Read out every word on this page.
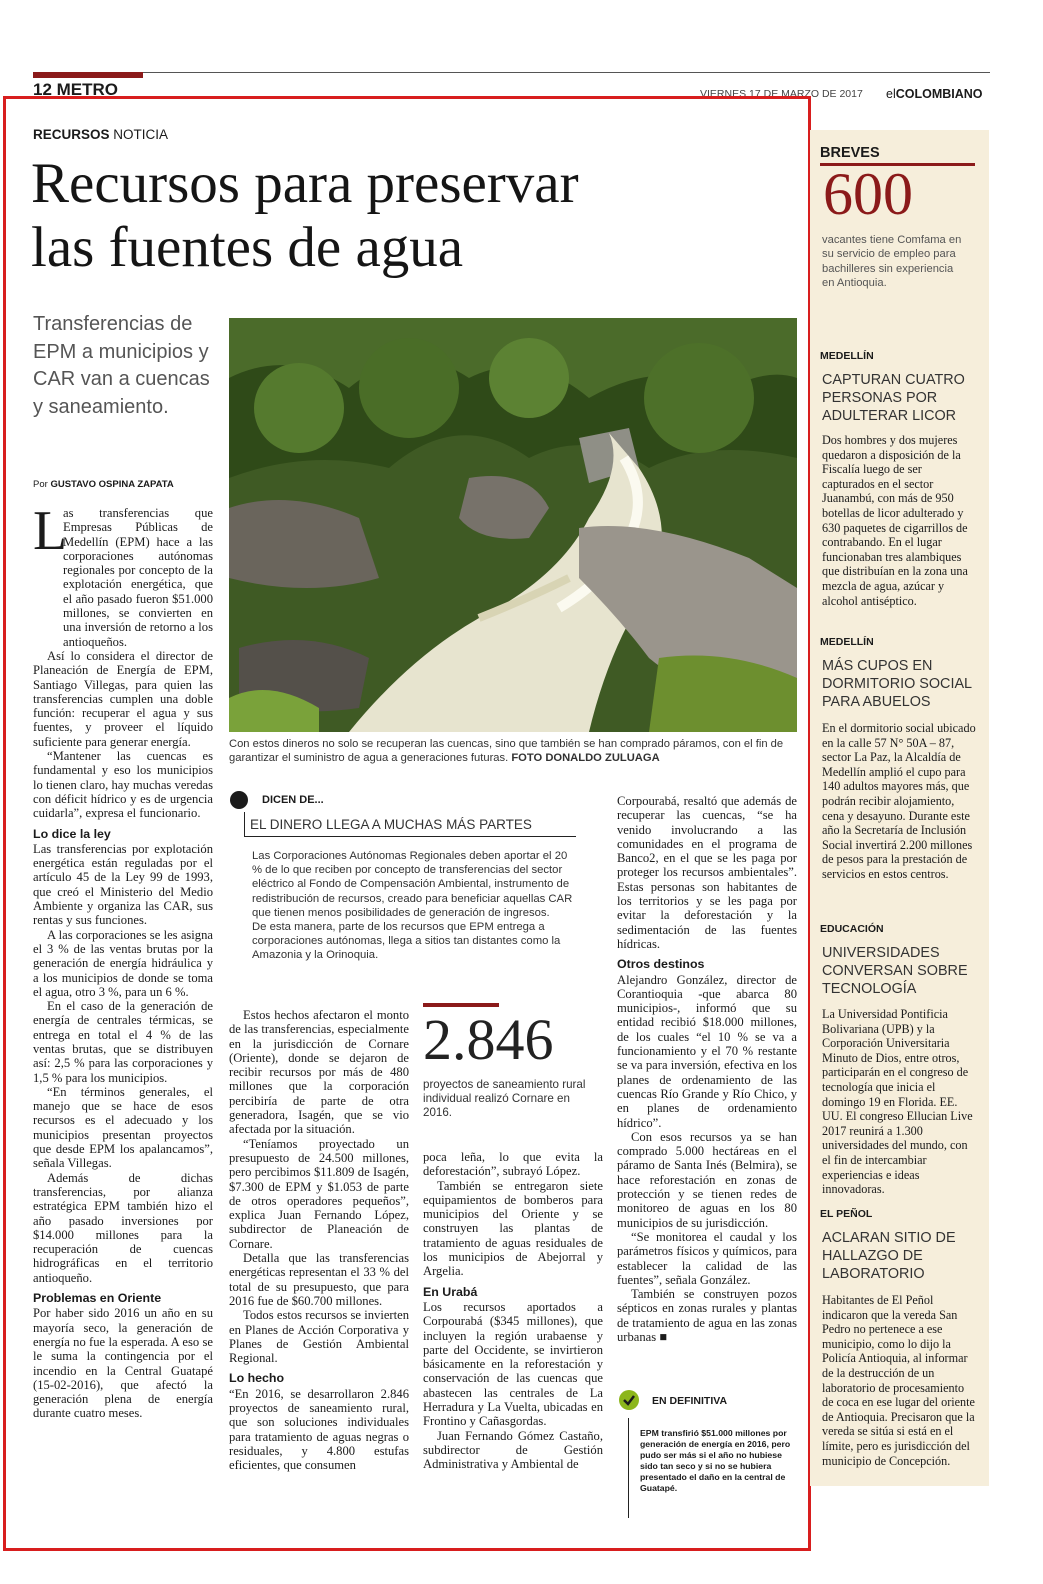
12 METRO	VIERNES 17 DE MARZO DE 2017 elCOLOMBIANO
RECURSOS NOTICIA
Recursos para preservar
las fuentes de agua
Transferencias de EPM a municipios y CAR van a cuencas y saneamiento.
Por GUSTAVO OSPINA ZAPATA
Con estos dineros no solo se recuperan las cuencas, sino que también se han comprado páramos, con el fin de garantizar el suministro de agua a generaciones futuras. FOTO DONALDO ZULUAGA
L

as transferencias que Empresas Públicas de Medellín (EPM) hace a las corporaciones autónomas regionales por concepto de la explotación energética, que el año pasado fueron $51.000 millones, se convierten en una inversión de retorno a los antioqueños.

Así lo considera el director de Planeación de Energía de EPM, Santiago Villegas, para quien las transferencias cumplen una doble función: recuperar el agua y sus fuentes, y proveer el líquido suficiente para generar energía.

“Mantener las cuencas es fundamental y eso los municipios lo tienen claro, hay muchas veredas con déficit hídrico y es de urgencia cuidarla”, expresa el funcionario.

Lo dice la ley

Las transferencias por explotación energética están reguladas por el artículo 45 de la Ley 99 de 1993, que creó el Ministerio del Medio Ambiente y organiza las CAR, sus rentas y sus funciones.

A las corporaciones se les asigna el 3 % de las ventas brutas por la generación de energía hidráulica y a los municipios de donde se toma el agua, otro 3 %, para un 6 %.

En el caso de la generación de energía de centrales térmicas, se entrega en total el 4 % de las ventas brutas, que se distribuyen así: 2,5 % para las corporaciones y 1,5 % para los municipios.

“En términos generales, el manejo que se hace de esos recursos es el adecuado y los municipios presentan proyectos que desde EPM los apalancamos”, señala Villegas.

Además de dichas transferencias, por alianza estratégica EPM también hizo el año pasado inversiones por $14.000 millones para la recuperación de cuencas hidrográficas en el territorio antioqueño.

Problemas en Oriente

Por haber sido 2016 un año en su mayoría seco, la generación de energía no fue la esperada. A eso se le suma la contingencia por el incendio en la Central Guatapé (15-02-2016), que afectó la generación plena de energía durante cuatro meses.

DICEN DE...
EL DINERO LLEGA A MUCHAS MÁS PARTES

Las Corporaciones Autónomas Regionales deben aportar el 20 % de lo que reciben por concepto de transferencias del sector eléctrico al Fondo de Compensación Ambiental, instrumento de redistribución de recursos, creado para beneficiar aquellas CAR que tienen menos posibilidades de generación de ingresos.

De esta manera, parte de los recursos que EPM entrega a corporaciones autónomas, llega a sitios tan distantes como la Amazonia y la Orinoquia.

Estos hechos afectaron el monto de las transferencias, especialmente en la jurisdicción de Cornare (Oriente), donde se dejaron de recibir recursos por más de 480 millones que la corporación percibiría de parte de otra generadora, Isagén, que se vio afectada por la situación.

“Teníamos proyectado un presupuesto de 24.500 millones, pero percibimos $11.809 de Isagén, $7.300 de EPM y $1.053 de parte de otros operadores pequeños”, explica Juan Fernando López, subdirector de Planeación de Cornare.

Detalla que las transferencias energéticas representan el 33 % del total de su presupuesto, que para 2016 fue de $60.700 millones.

Todos estos recursos se invierten en Planes de Acción Corporativa y Planes de Gestión Ambiental Regional.

Lo hecho

“En 2016, se desarrollaron 2.846 proyectos de saneamiento rural, que son soluciones individuales para tratamiento de aguas negras o residuales, y 4.800 estufas eficientes, que consumen

2.846
proyectos de saneamiento rural individual realizó Cornare en 2016.

poca leña, lo que evita la deforestación”, subrayó López.

También se entregaron siete equipamientos de bomberos para municipios del Oriente y se construyen las plantas de tratamiento de aguas residuales de los municipios de Abejorral y Argelia.

En Urabá

Los recursos aportados a Corpourabá ($345 millones), que incluyen la región urabaense y parte del Occidente, se invirtieron básicamente en la reforestación y conservación de las cuencas que abastecen las centrales de La Herradura y La Vuelta, ubicadas en Frontino y Cañasgordas.

Juan Fernando Gómez Castaño, subdirector de Gestión Administrativa y Ambiental de

Corpourabá, resaltó que además de recuperar las cuencas, “se ha venido involucrando a las comunidades en el programa de Banco2, en el que se les paga por proteger los recursos ambientales”. Estas personas son habitantes de los territorios y se les paga por evitar la deforestación y la sedimentación de las fuentes hídricas.

Otros destinos

Alejandro González, director de Corantioquia -que abarca 80 municipios-, informó que su entidad recibió $18.000 millones, de los cuales “el 10 % se va a funcionamiento y el 70 % restante se va para inversión, efectiva en los planes de ordenamiento de las cuencas Río Grande y Río Chico, y en planes de ordenamiento hídrico”.

Con esos recursos ya se han comprado 5.000 hectáreas en el páramo de Santa Inés (Belmira), se hace reforestación en zonas de protección y se tienen redes de monitoreo de aguas en los 80 municipios de su jurisdicción.

“Se monitorea el caudal y los parámetros físicos y químicos, para establecer la calidad de las fuentes”, señala González.

También se construyen pozos sépticos en zonas rurales y plantas de tratamiento de agua en las zonas urbanas ■

EN DEFINITIVA
EPM transfirió $51.000 millones por generación de energía en 2016, pero pudo ser más si el año no hubiese sido tan seco y si no se hubiera presentado el daño en la central de Guatapé.
BREVES
600
vacantes tiene Comfama en su servicio de empleo para bachilleres sin experiencia en Antioquia.
MEDELLÍN
CAPTURAN CUATRO PERSONAS POR ADULTERAR LICOR
Dos hombres y dos mujeres quedaron a disposición de la Fiscalía luego de ser capturados en el sector Juanambú, con más de 950 botellas de licor adulterado y 630 paquetes de cigarrillos de contrabando. En el lugar funcionaban tres alambiques que distribuían en la zona una mezcla de agua, azúcar y alcohol antiséptico.
MEDELLÍN
MÁS CUPOS EN DORMITORIO SOCIAL PARA ABUELOS
En el dormitorio social ubicado en la calle 57 N° 50A – 87, sector La Paz, la Alcaldía de Medellín amplió el cupo para 140 adultos mayores más, que podrán recibir alojamiento, cena y desayuno. Durante este año la Secretaría de Inclusión Social invertirá 2.200 millones de pesos para la prestación de servicios en estos centros.
EDUCACIÓN
UNIVERSIDADES CONVERSAN SOBRE TECNOLOGÍA
La Universidad Pontificia Bolivariana (UPB) y la Corporación Universitaria Minuto de Dios, entre otros, participarán en el congreso de tecnología que inicia el domingo 19 en Florida. EE. UU. El congreso Ellucian Live 2017 reunirá a 1.300 universidades del mundo, con el fin de intercambiar experiencias e ideas innovadoras.
EL PEÑOL
ACLARAN SITIO DE HALLAZGO DE LABORATORIO
Habitantes de El Peñol indicaron que la vereda San Pedro no pertenece a ese municipio, como lo dijo la Policía Antioquia, al informar de la destrucción de un laboratorio de procesamiento de coca en ese lugar del oriente de Antioquia. Precisaron que la vereda se sitúa si está en el límite, pero es jurisdicción del municipio de Concepción.
